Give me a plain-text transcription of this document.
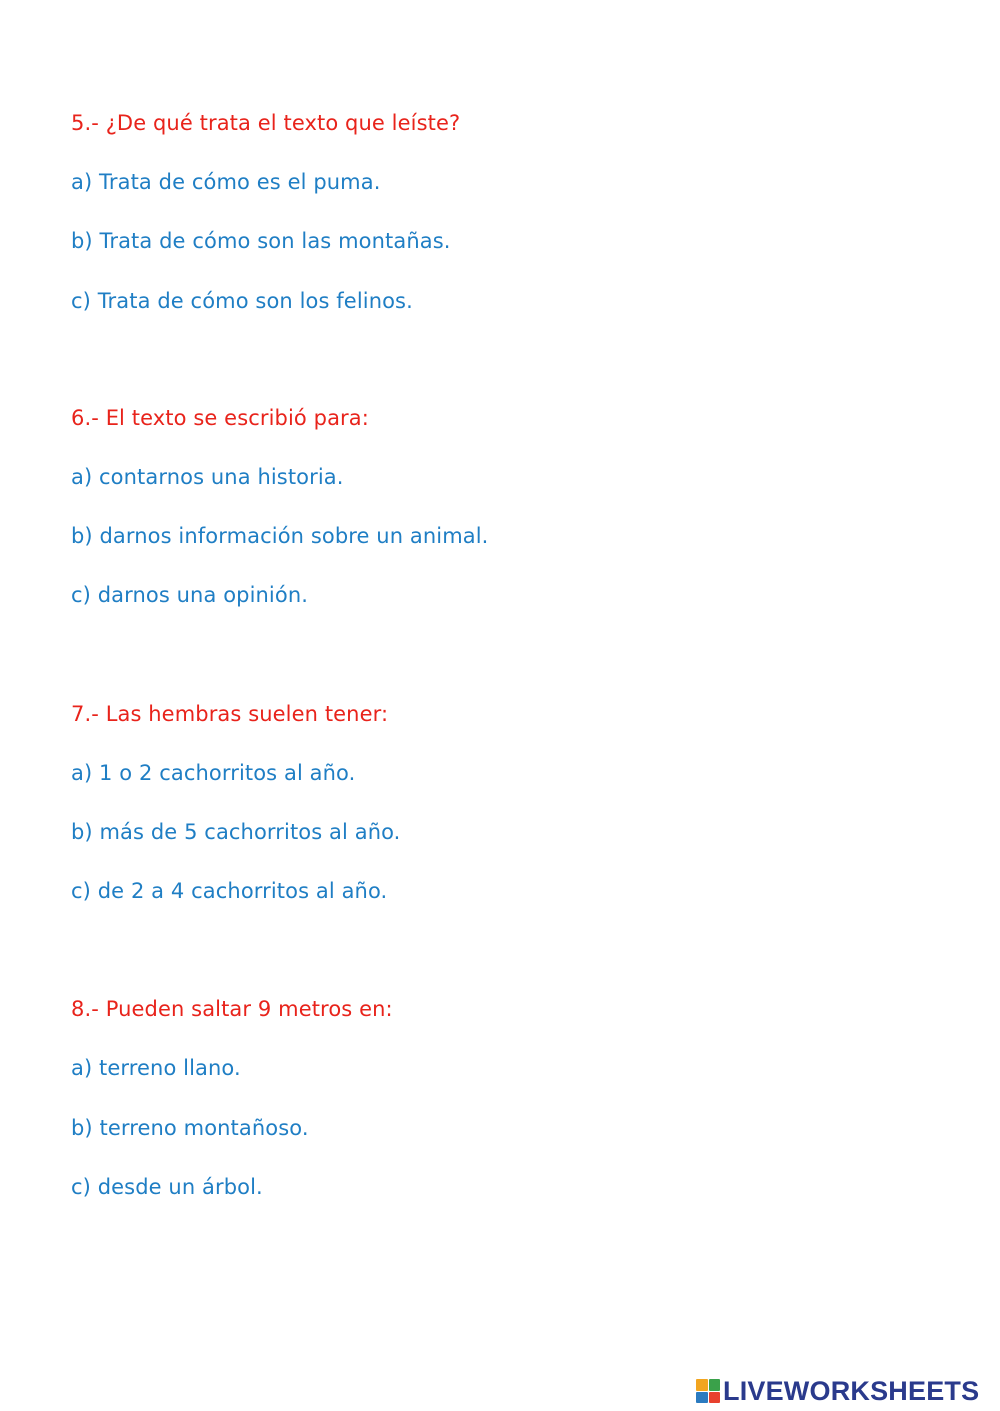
5.- ¿De qué trata el texto que leíste?
a) Trata de cómo es el puma.
b) Trata de cómo son las montañas.
c) Trata de cómo son los felinos.
6.- El texto se escribió para:
a) contarnos una historia.
b) darnos información sobre un animal.
c) darnos una opinión.
7.- Las hembras suelen tener:
a) 1 o 2 cachorritos al año.
b) más de 5 cachorritos al año.
c) de 2 a 4 cachorritos al año.
8.- Pueden saltar 9 metros en:
a) terreno llano.
b) terreno montañoso.
c) desde un árbol.
LIVEWORKSHEETS
